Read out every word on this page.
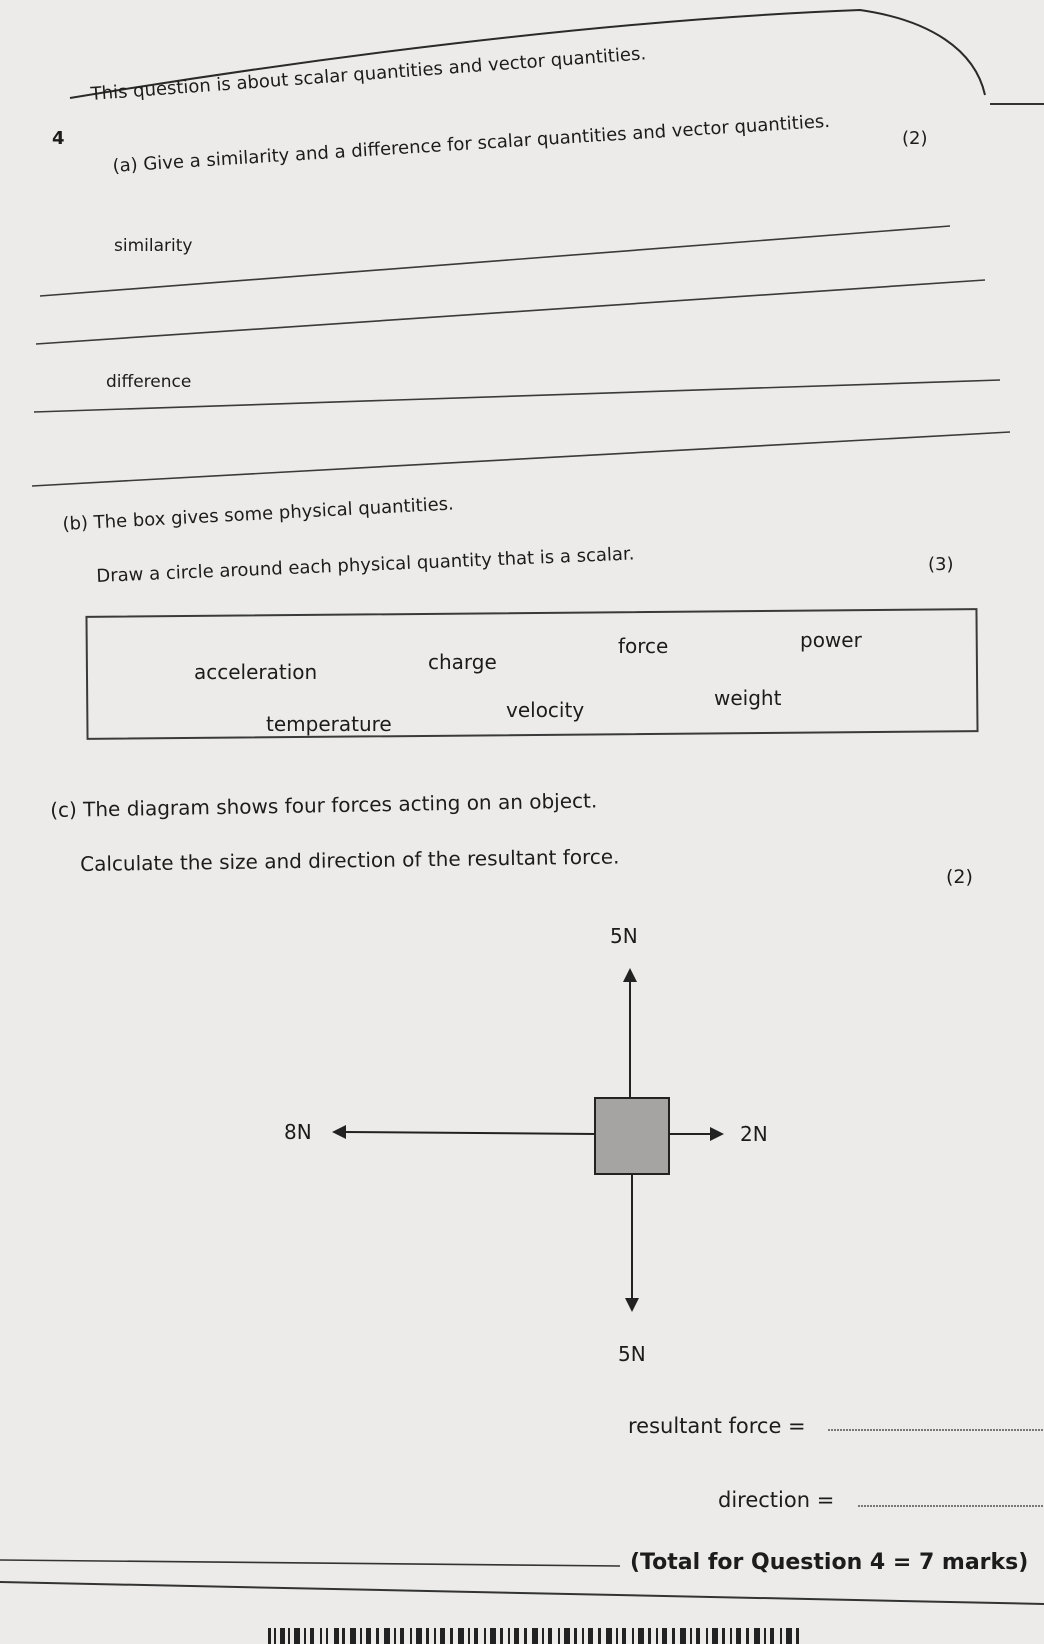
4
This question is about scalar quantities and vector quantities.
(a) Give a similarity and a difference for scalar quantities and vector quantities.	(2)
similarity
difference
(b) The box gives some physical quantities.
Draw a circle around each physical quantity that is a scalar.	(3)
acceleration	charge
force	power
temperature
velocity	weight
(c) The diagram shows four forces acting on an object.
Calculate the size and direction of the resultant force.
(2)
5N
5N
8N	2N
resultant force =
direction =
(Total for Question 4 = 7 marks)
